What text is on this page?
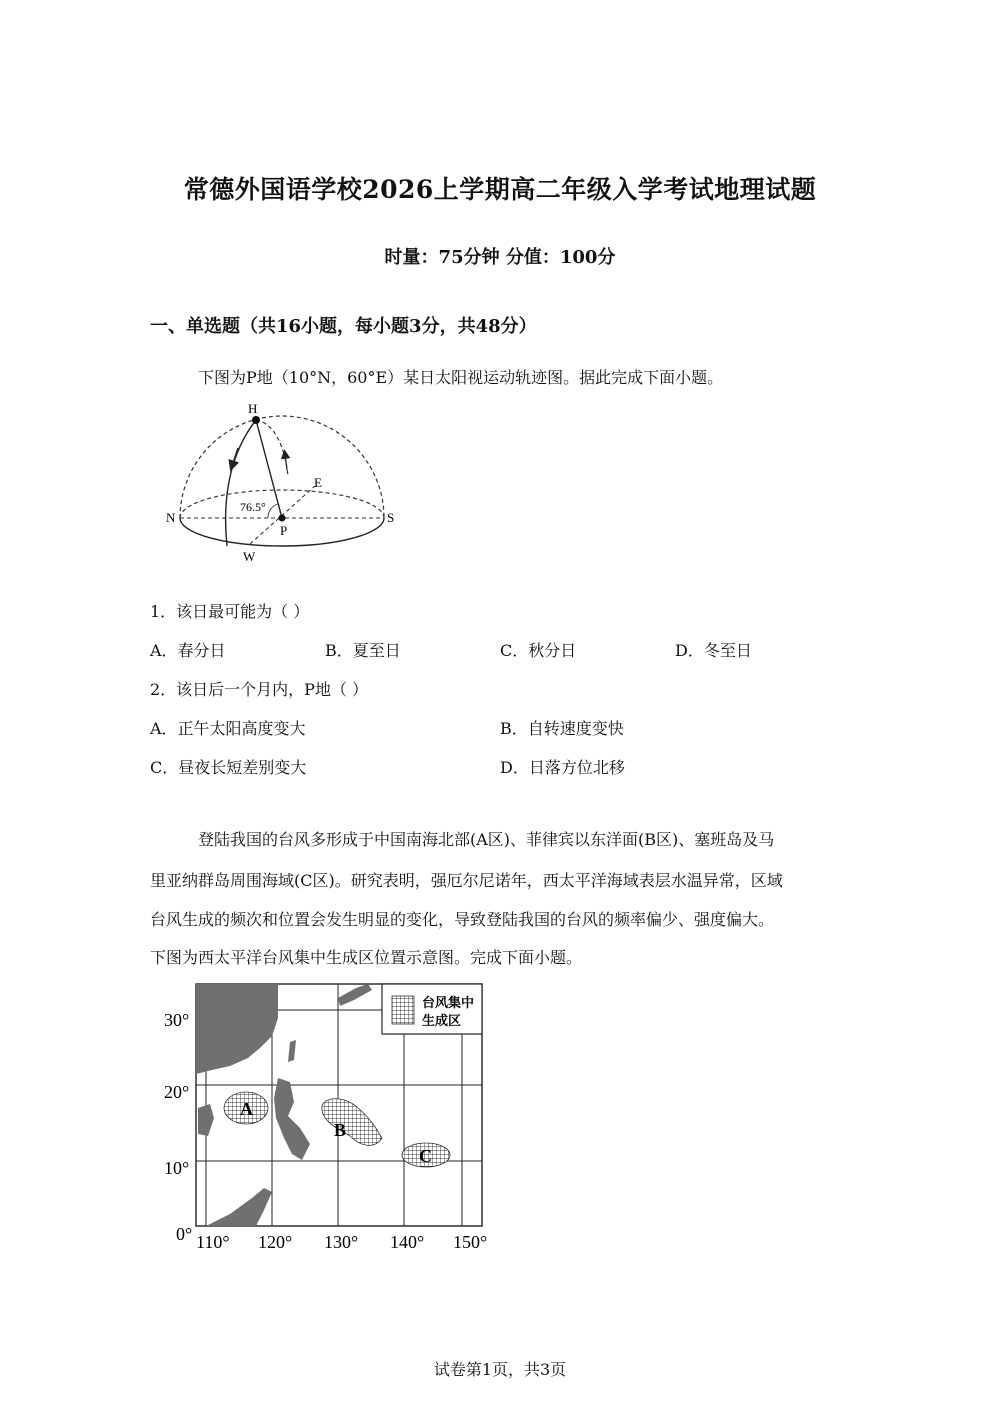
常德外国语学校2026上学期高二年级入学考试地理试题
时量：75分钟 分值：100分
一、单选题（共16小题，每小题3分，共48分）
下图为P地（10°N，60°E）某日太阳视运动轨迹图。据此完成下面小题。
H
E
N	S
P
W
76.5°
1．该日最可能为（ ）
A．春分日	B．夏至日	C．秋分日	D．冬至日
2．该日后一个月内，P地（ ）
A．正午太阳高度变大	B．自转速度变快
C．昼夜长短差别变大	D．日落方位北移
登陆我国的台风多形成于中国南海北部(A区)、菲律宾以东洋面(B区)、塞班岛及马
里亚纳群岛周围海域(C区)。研究表明，强厄尔尼诺年，西太平洋海域表层水温异常，区域
台风生成的频次和位置会发生明显的变化，导致登陆我国的台风的频率偏少、强度偏大。
下图为西太平洋台风集中生成区位置示意图。完成下面小题。
台风集中
生成区
A
B
C
30°
20°
10°
0° 110° 120° 130° 140° 150°
试卷第1页，共3页
